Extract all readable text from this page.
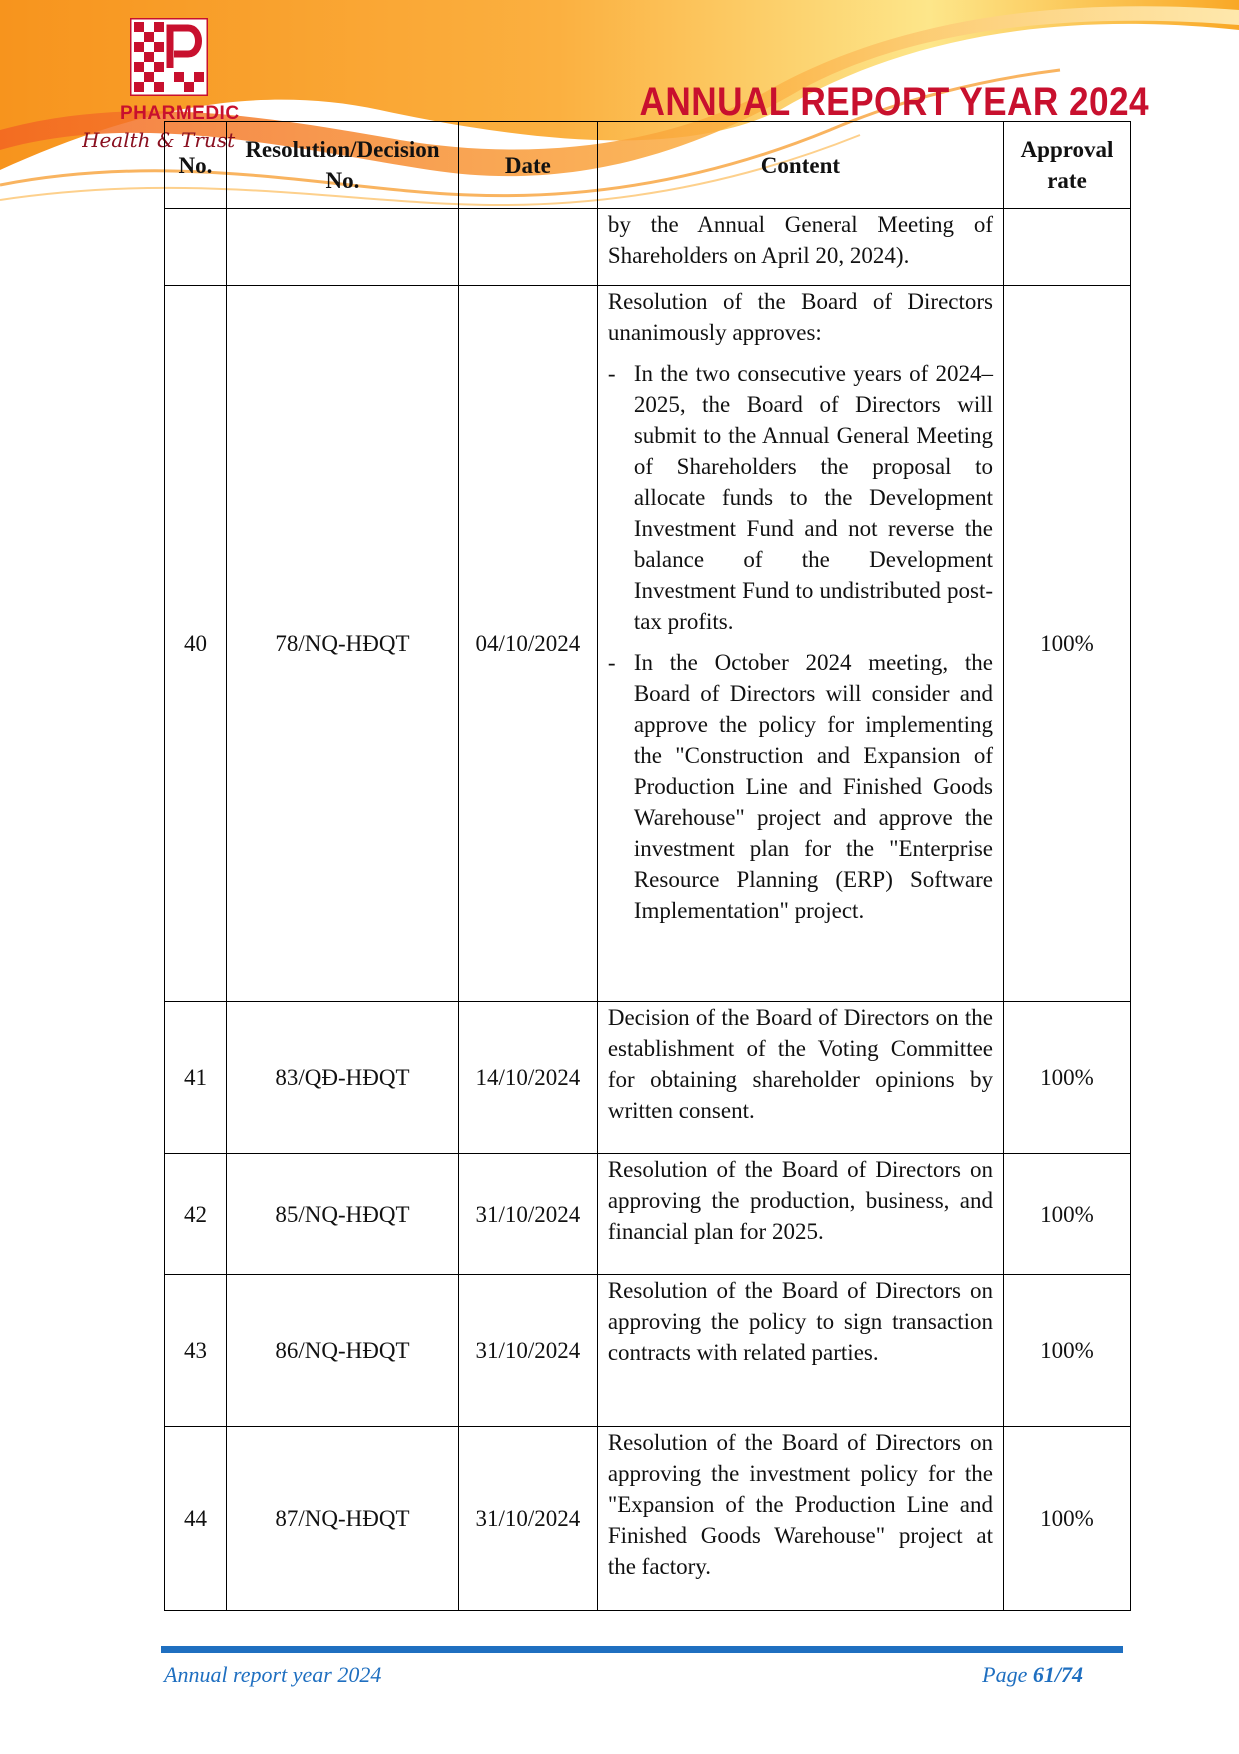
PHARMEDIC
Health & Trust
ANNUAL REPORT YEAR 2024
No.	Resolution/Decision No.	Date	Content	Approval rate
			by the Annual General Meeting of Shareholders on April 20, 2024).	
40	78/NQ-HĐQT	04/10/2024	Resolution of the Board of Directors unanimously approves:
- In the two consecutive years of 2024–2025, the Board of Directors will submit to the Annual General Meeting of Shareholders the proposal to allocate funds to the Development Investment Fund and not reverse the balance of the Development Investment Fund to undistributed post-tax profits.
- In the October 2024 meeting, the Board of Directors will consider and approve the policy for implementing the "Construction and Expansion of Production Line and Finished Goods Warehouse" project and approve the investment plan for the "Enterprise Resource Planning (ERP) Software Implementation" project.	100%
41	83/QĐ-HĐQT	14/10/2024	Decision of the Board of Directors on the establishment of the Voting Committee for obtaining shareholder opinions by written consent.	100%
42	85/NQ-HĐQT	31/10/2024	Resolution of the Board of Directors on approving the production, business, and financial plan for 2025.	100%
43	86/NQ-HĐQT	31/10/2024	Resolution of the Board of Directors on approving the policy to sign transaction contracts with related parties.	100%
44	87/NQ-HĐQT	31/10/2024	Resolution of the Board of Directors on approving the investment policy for the "Expansion of the Production Line and Finished Goods Warehouse" project at the factory.	100%
Annual report year 2024	Page 61/74
